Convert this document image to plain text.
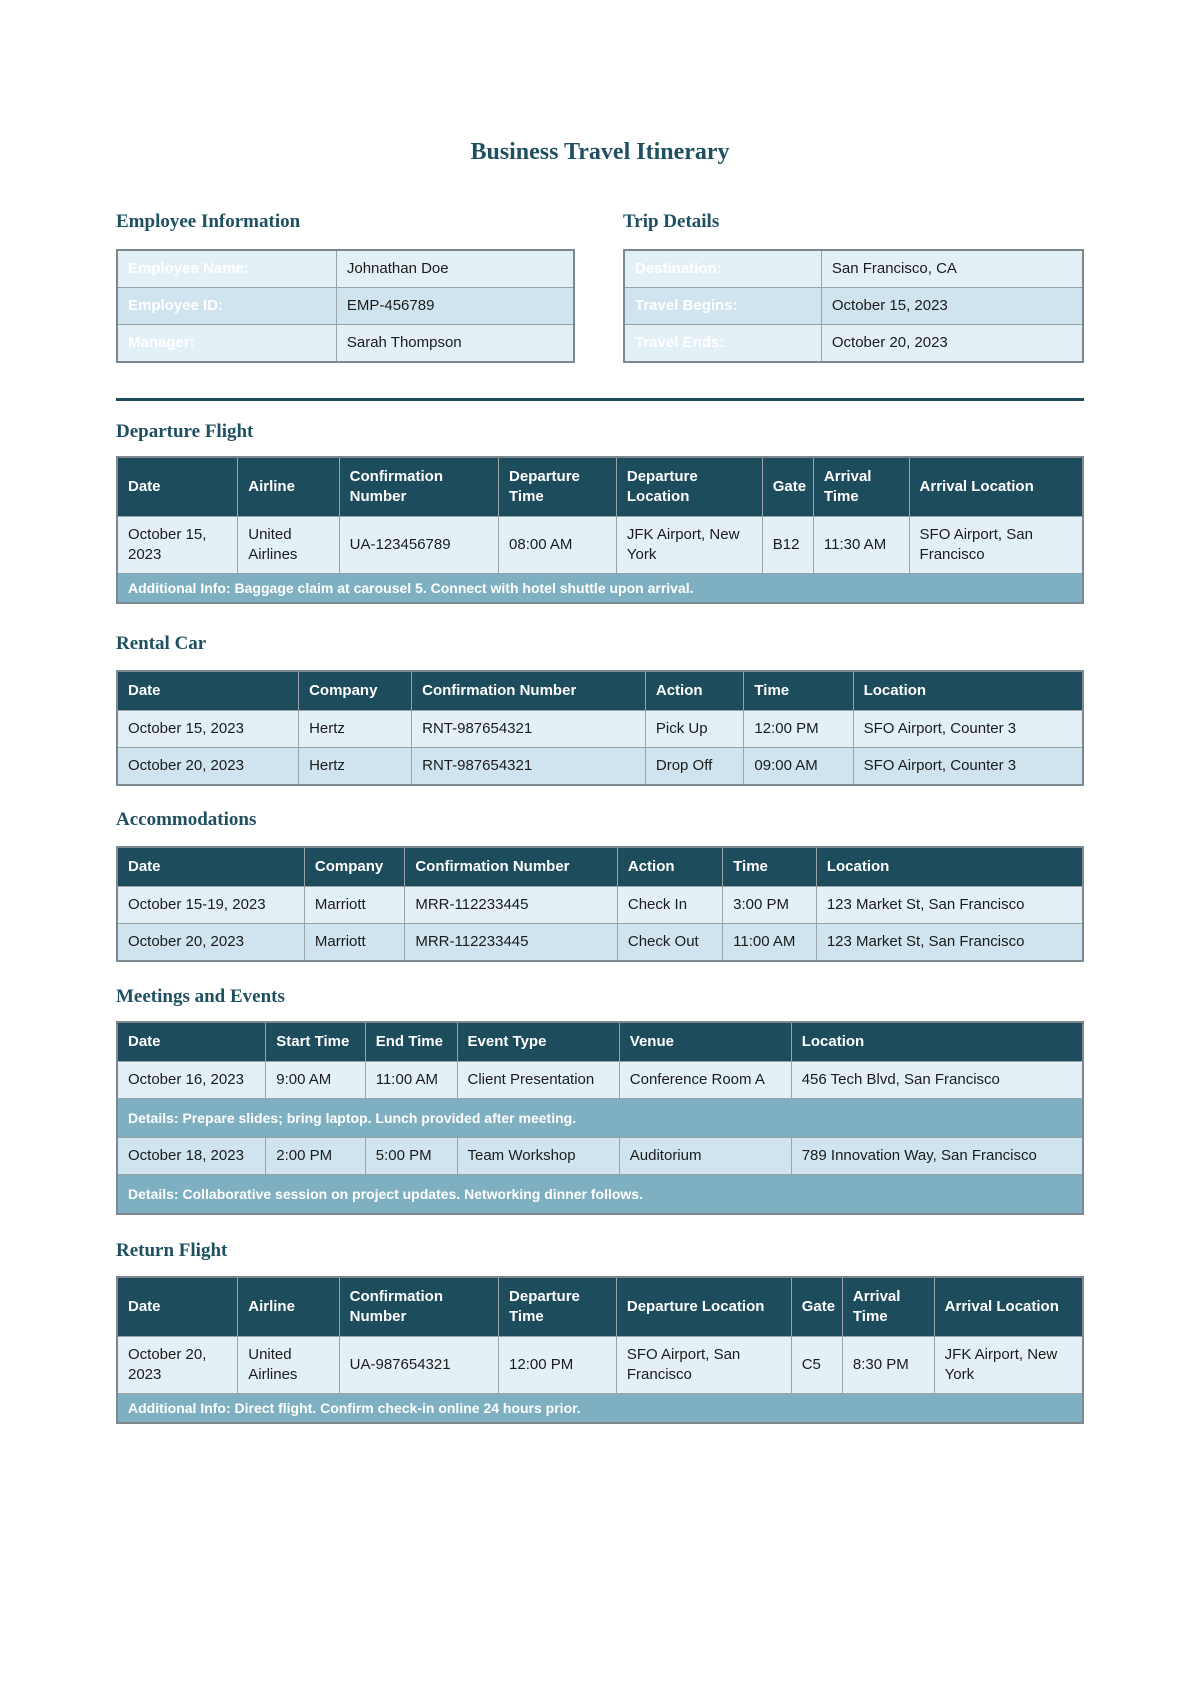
Business Travel Itinerary
Employee Information
Employee Name:	Johnathan Doe
Employee ID:	EMP-456789
Manager:	Sarah Thompson
Trip Details
Destination:	San Francisco, CA
Travel Begins:	October 15, 2023
Travel Ends:	October 20, 2023
Departure Flight
Date	Airline	Confirmation Number	Departure Time	Departure Location	Gate	Arrival Time	Arrival Location
October 15, 2023	United Airlines	UA-123456789	08:00 AM	JFK Airport, New York	B12	11:30 AM	SFO Airport, San Francisco
Additional Info: Baggage claim at carousel 5. Connect with hotel shuttle upon arrival.							
Rental Car
Date	Company	Confirmation Number	Action	Time	Location
October 15, 2023	Hertz	RNT-987654321	Pick Up	12:00 PM	SFO Airport, Counter 3
October 20, 2023	Hertz	RNT-987654321	Drop Off	09:00 AM	SFO Airport, Counter 3
Accommodations
Date	Company	Confirmation Number	Action	Time	Location
October 15-19, 2023	Marriott	MRR-112233445	Check In	3:00 PM	123 Market St, San Francisco
October 20, 2023	Marriott	MRR-112233445	Check Out	11:00 AM	123 Market St, San Francisco
Meetings and Events
Date	Start Time	End Time	Event Type	Venue	Location
October 16, 2023	9:00 AM	11:00 AM	Client Presentation	Conference Room A	456 Tech Blvd, San Francisco
Details: Prepare slides; bring laptop. Lunch provided after meeting.					
October 18, 2023	2:00 PM	5:00 PM	Team Workshop	Auditorium	789 Innovation Way, San Francisco
Details: Collaborative session on project updates. Networking dinner follows.					
Return Flight
Date	Airline	Confirmation Number	Departure Time	Departure Location	Gate	Arrival Time	Arrival Location
October 20, 2023	United Airlines	UA-987654321	12:00 PM	SFO Airport, San Francisco	C5	8:30 PM	JFK Airport, New York
Additional Info: Direct flight. Confirm check-in online 24 hours prior.							
